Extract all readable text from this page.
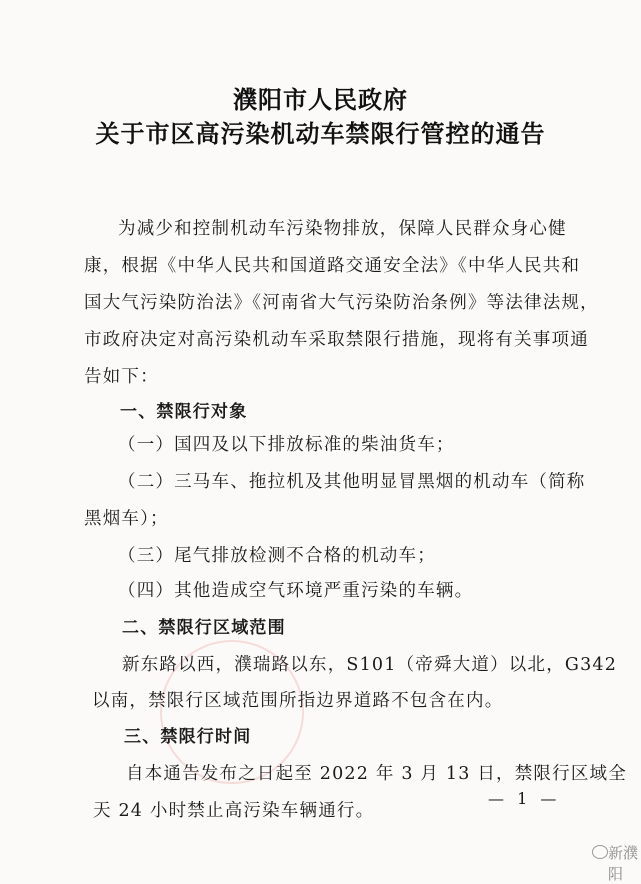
濮阳市人民政府
关于市区高污染机动车禁限行管控的通告
为减少和控制机动车污染物排放，保障人民群众身心健
康，根据《中华人民共和国道路交通安全法》《中华人民共和
国大气污染防治法》《河南省大气污染防治条例》等法律法规，
市政府决定对高污染机动车采取禁限行措施，现将有关事项通
告如下：
一、禁限行对象
（一）国四及以下排放标准的柴油货车；
（二）三马车、拖拉机及其他明显冒黑烟的机动车（简称
黑烟车）；
（三）尾气排放检测不合格的机动车；
（四）其他造成空气环境严重污染的车辆。
二、禁限行区域范围
新东路以西，濮瑞路以东，S101（帝舜大道）以北，G342
以南，禁限行区域范围所指边界道路不包含在内。
三、禁限行时间
自本通告发布之日起至 2022 年 3 月 13 日，禁限行区域全
天 24 小时禁止高污染车辆通行。
— 1 —
新濮阳
